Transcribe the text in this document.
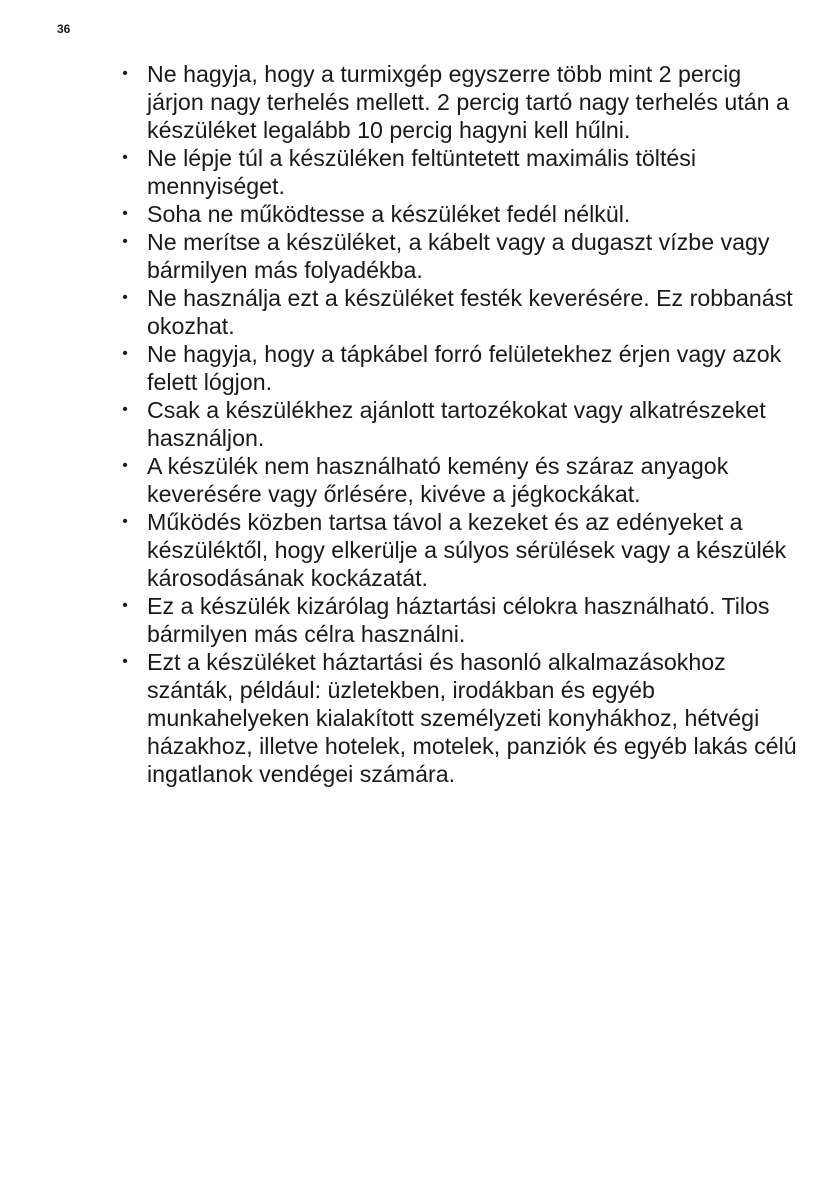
36
• Ne hagyja, hogy a turmixgép egyszerre több mint 2 percig járjon nagy terhelés mellett. 2 percig tartó nagy terhelés után a készüléket legalább 10 percig hagyni kell hűlni.
• Ne lépje túl a készüléken feltüntetett maximális töltési mennyiséget.
• Soha ne működtesse a készüléket fedél nélkül.
• Ne merítse a készüléket, a kábelt vagy a dugaszt vízbe vagy bármilyen más folyadékba.
• Ne használja ezt a készüléket festék keverésére. Ez robbanást okozhat.
• Ne hagyja, hogy a tápkábel forró felületekhez érjen vagy azok felett lógjon.
• Csak a készülékhez ajánlott tartozékokat vagy alkatrészeket használjon.
• A készülék nem használható kemény és száraz anyagok keverésére vagy őrlésére, kivéve a jégkockákat.
• Működés közben tartsa távol a kezeket és az edényeket a készüléktől, hogy elkerülje a súlyos sérülések vagy a készülék károsodásának kockázatát.
• Ez a készülék kizárólag háztartási célokra használható. Tilos bármilyen más célra használni.
• Ezt a készüléket háztartási és hasonló alkalmazásokhoz szánták, például: üzletekben, irodákban és egyéb munkahelyeken kialakított személyzeti konyhákhoz, hétvégi házakhoz, illetve hotelek, motelek, panziók és egyéb lakás célú ingatlanok vendégei számára.
